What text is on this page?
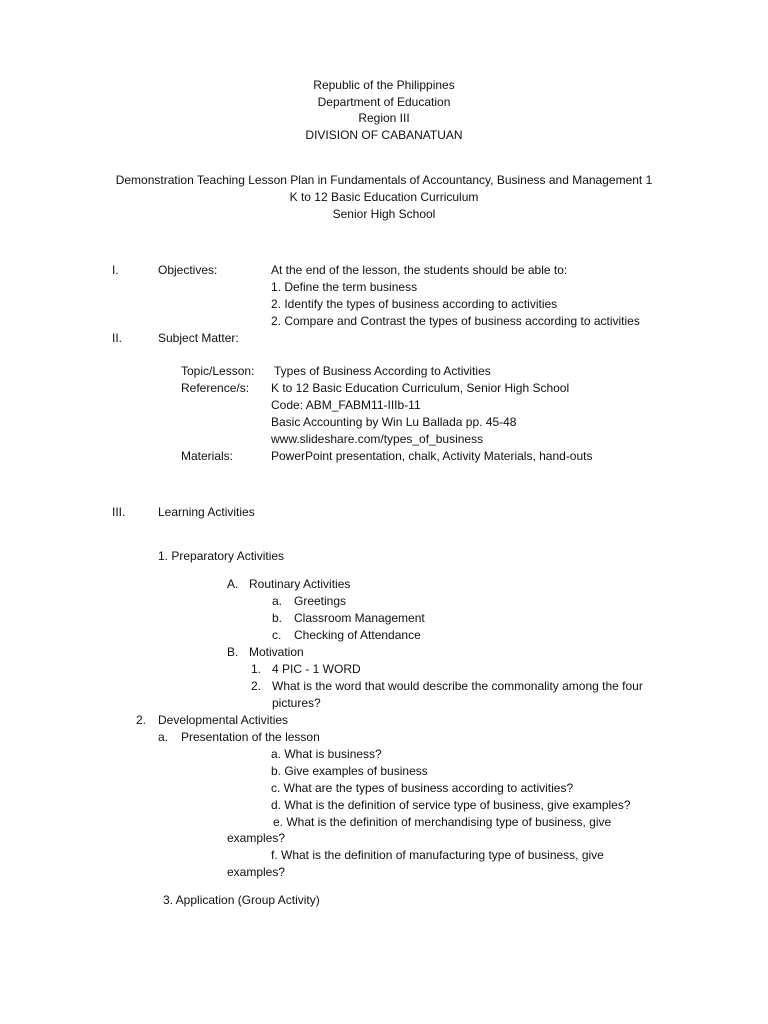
Republic of the Philippines
Department of Education
Region III
DIVISION OF CABANATUAN
Demonstration Teaching Lesson Plan in Fundamentals of Accountancy, Business and Management 1
K to 12 Basic Education Curriculum
Senior High School
I.	Objectives:	At the end of the lesson, the students should be able to:
1. Define the term business
2. Identify the types of business according to activities
2. Compare and Contrast the types of business according to activities
II.	Subject Matter:
Topic/Lesson: Types of Business According to Activities
Reference/s: K to 12 Basic Education Curriculum, Senior High School
Code: ABM_FABM11-IIIb-11
Basic Accounting by Win Lu Ballada pp. 45-48
www.slideshare.com/types_of_business
Materials:	PowerPoint presentation, chalk, Activity Materials, hand-outs
III.	Learning Activities
1. Preparatory Activities
A. Routinary Activities
a. Greetings
b. Classroom Management
c. Checking of Attendance
B. Motivation
1. 4 PIC - 1 WORD
2. What is the word that would describe the commonality among the four
pictures?
2. Developmental Activities
a. Presentation of the lesson
a. What is business?
b. Give examples of business
c. What are the types of business according to activities?
d. What is the definition of service type of business, give examples?
e. What is the definition of merchandising type of business, give
examples?
f. What is the definition of manufacturing type of business, give
examples?
3. Application (Group Activity)
